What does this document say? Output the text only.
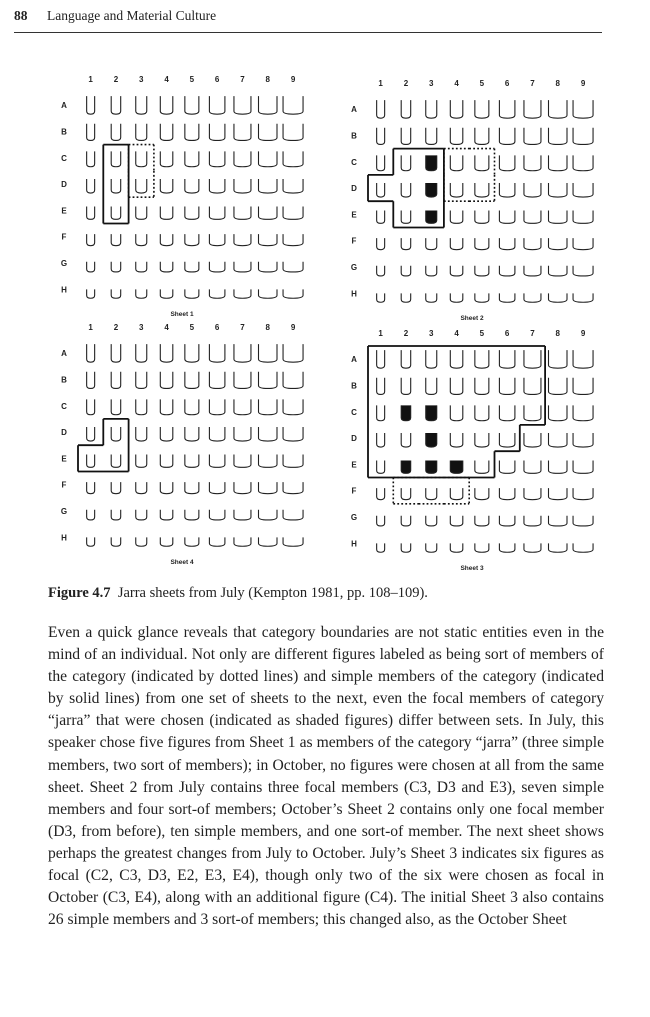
88 Language and Material Culture
1	2	3	4	5	6	7	8	9
A
B
C
D
E
F
G
H
Sheet 1
1	2	3	4	5	6	7	8	9
A
B
C
D
E
F
G
H
Sheet 2
1	2	3	4	5	6	7	8	9
A
B
C
D
E
F
G
H
Sheet 4
1	2	3	4	5	6	7	8	9
A
B
C
D
E
F
G
H
Sheet 3
Figure 4.7 Jarra sheets from July (Kempton 1981, pp. 108–109).

Even a quick glance reveals that category boundaries are not static entities even in the mind of an individual. Not only are different figures labeled as being sort of members of the category (indicated by dotted lines) and simple members of the category (indicated by solid lines) from one set of sheets to the next, even the focal members of category “jarra” that were chosen (indicated as shaded figures) differ between sets. In July, this speaker chose five figures from Sheet 1 as members of the category “jarra” (three simple members, two sort of members); in October, no figures were chosen at all from the same sheet. Sheet 2 from July contains three focal members (C3, D3 and E3), seven simple members and four sort-of members; October’s Sheet 2 contains only one focal member (D3, from before), ten simple members, and one sort-of member. The next sheet shows perhaps the greatest changes from July to October. July’s Sheet 3 indicates six figures as focal (C2, C3, D3, E2, E3, E4), though only two of the six were chosen as focal in October (C3, E4), along with an additional figure (C4). The initial Sheet 3 also contains 26 simple members and 3 sort-of members; this changed also, as the October Sheet
